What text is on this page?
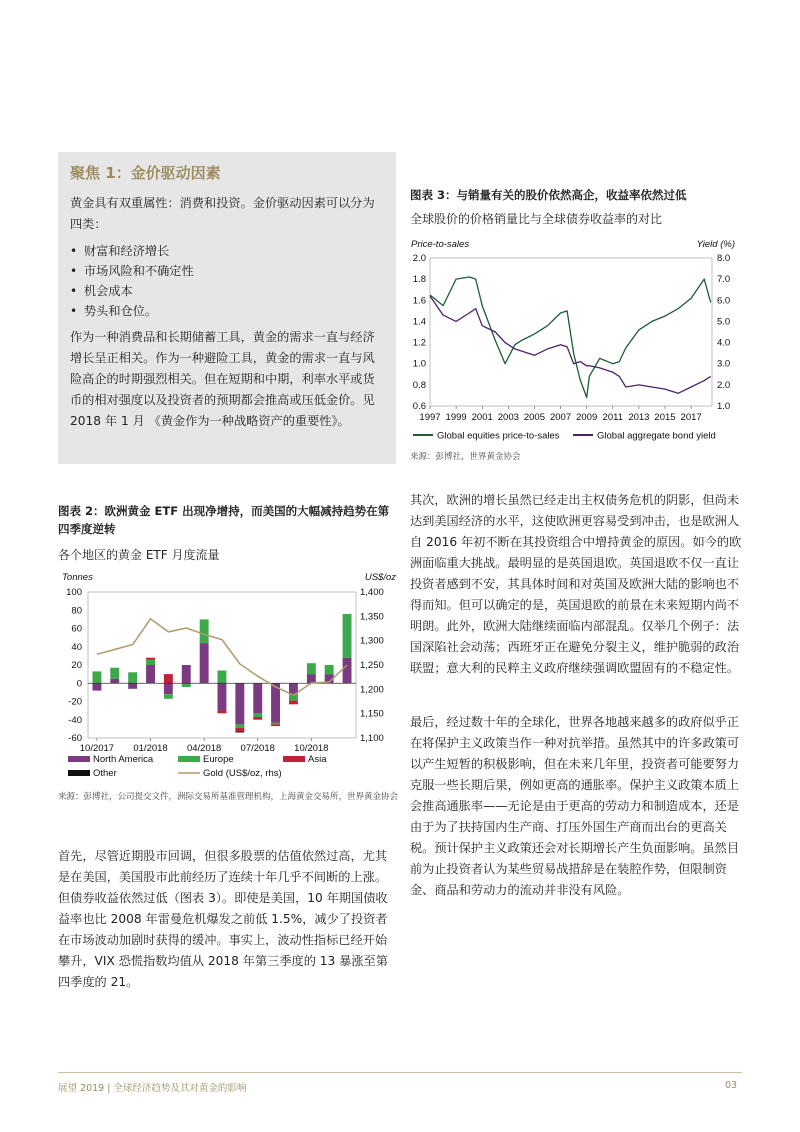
聚焦 1：金价驱动因素

黄金具有双重属性：消费和投资。金价驱动因素可以分为四类：

• 财富和经济增长
• 市场风险和不确定性
• 机会成本
• 势头和仓位。

作为一种消费品和长期储蓄工具，黄金的需求一直与经济增长呈正相关。作为一种避险工具，黄金的需求一直与风险高企的时期强烈相关。但在短期和中期，利率水平或货币的相对强度以及投资者的预期都会推高或压低金价。见 2018 年 1 月 《黄金作为一种战略资产的重要性》。

图表 3：与销量有关的股价依然高企，收益率依然过低
全球股价的价格销量比与全球债券收益率的对比
Price-to-sales	Yield (%)
2.0
1.8
1.6
1.4
1.2
1.0
0.8
0.6
8.0
7.0
6.0
5.0
4.0
3.0
2.0
1.0
1997 1999 2001 2003 2005 2007 2009 2011 2013 2015 2017
Global equities price-to-sales	Global aggregate bond yield
来源：彭博社，世界黄金协会
图表 2：欧洲黄金 ETF 出现净增持，而美国的大幅减持趋势在第四季度逆转
各个地区的黄金 ETF 月度流量
Tonnes	US$/oz
100
80
60
40
20
0
-20
-40
-60
1,400
1,350
1,300
1,250
1,200
1,150
1,100
10/2017 01/2018 04/2018 07/2018 10/2018
North America	Europe	Asia
Other	Gold (US$/oz, rhs)
来源：彭博社，公司提交文件，洲际交易所基准管理机构，上海黄金交易所，世界黄金协会

首先，尽管近期股市回调，但很多股票的估值依然过高，尤其是在美国，美国股市此前经历了连续十年几乎不间断的上涨。但债券收益依然过低（图表 3）。即使是美国，10 年期国债收益率也比 2008 年雷曼危机爆发之前低 1.5%，减少了投资者在市场波动加剧时获得的缓冲。事实上，波动性指标已经开始攀升，VIX 恐慌指数均值从 2018 年第三季度的 13 暴涨至第四季度的 21。

其次，欧洲的增长虽然已经走出主权债务危机的阴影，但尚未达到美国经济的水平，这使欧洲更容易受到冲击，也是欧洲人自 2016 年初不断在其投资组合中增持黄金的原因。如今的欧洲面临重大挑战。最明显的是英国退欧。英国退欧不仅一直让投资者感到不安，其具体时间和对英国及欧洲大陆的影响也不得而知。但可以确定的是，英国退欧的前景在未来短期内尚不明朗。此外，欧洲大陆继续面临内部混乱。仅举几个例子：法国深陷社会动荡；西班牙正在避免分裂主义，维护脆弱的政治联盟；意大利的民粹主义政府继续强调欧盟固有的不稳定性。

最后，经过数十年的全球化，世界各地越来越多的政府似乎正在将保护主义政策当作一种对抗举措。虽然其中的许多政策可以产生短暂的积极影响，但在未来几年里，投资者可能要努力克服一些长期后果，例如更高的通胀率。保护主义政策本质上会推高通胀率——无论是由于更高的劳动力和制造成本，还是由于为了扶持国内生产商、打压外国生产商而出台的更高关税。预计保护主义政策还会对长期增长产生负面影响。虽然目前为止投资者认为某些贸易战措辞是在装腔作势，但限制资金、商品和劳动力的流动并非没有风险。

展望 2019 | 全球经济趋势及其对黄金的影响	03
